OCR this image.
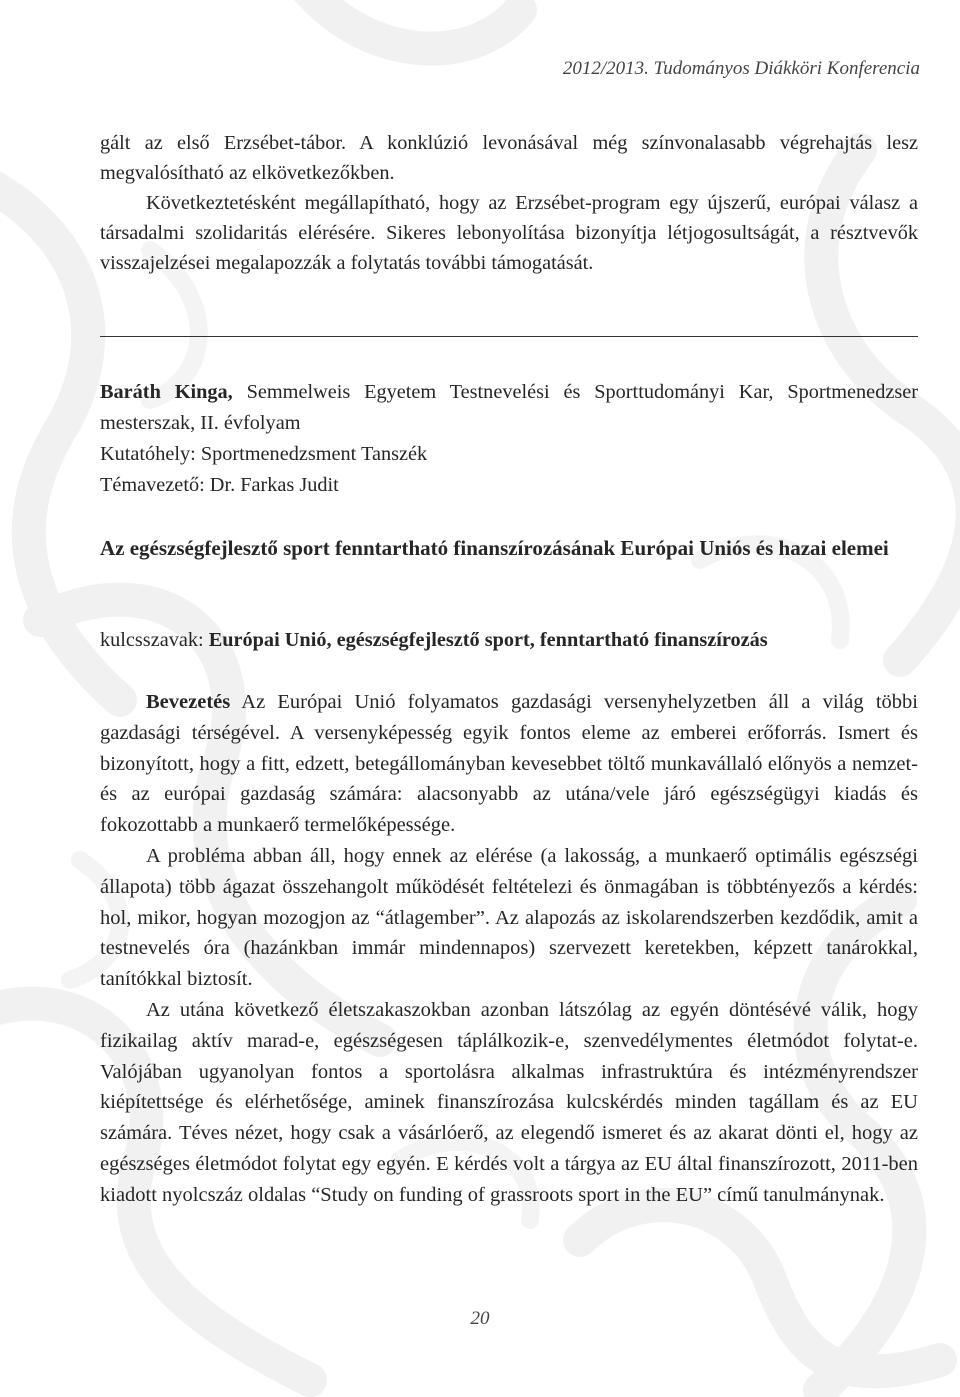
2012/2013. Tudományos Diákköri Konferencia

gált az első Erzsébet-tábor. A konklúzió levonásával még színvonalasabb végrehajtás lesz megvalósítható az elkövetkezőkben.

Következtetésként megállapítható, hogy az Erzsébet-program egy újszerű, európai válasz a társadalmi szolidaritás elérésére. Sikeres lebonyolítása bizonyítja létjogosultságát, a résztvevők visszajelzései megalapozzák a folytatás további támogatását.

Baráth Kinga, Semmelweis Egyetem Testnevelési és Sporttudományi Kar, Sportmenedzser mesterszak, II. évfolyam

Kutatóhely: Sportmenedzsment Tanszék

Témavezető: Dr. Farkas Judit

Az egészségfejlesztő sport fenntartható finanszírozásának Európai Uniós és hazai elemei

kulcsszavak: Európai Unió, egészségfejlesztő sport, fenntartható finanszírozás

Bevezetés Az Európai Unió folyamatos gazdasági versenyhelyzetben áll a világ többi gazdasági térségével. A versenyképesség egyik fontos eleme az emberei erőforrás. Ismert és bizonyított, hogy a fitt, edzett, betegállományban kevesebbet töltő munkavállaló előnyös a nemzet- és az európai gazdaság számára: alacsonyabb az utána/vele járó egészségügyi kiadás és fokozottabb a munkaerő termelőképessége.

A probléma abban áll, hogy ennek az elérése (a lakosság, a munkaerő optimális egészségi állapota) több ágazat összehangolt működését feltételezi és önmagában is többtényezős a kérdés: hol, mikor, hogyan mozogjon az “átlagember”. Az alapozás az iskolarendszerben kezdődik, amit a testnevelés óra (hazánkban immár mindennapos) szervezett keretekben, képzett tanárokkal, tanítókkal biztosít.

Az utána következő életszakaszokban azonban látszólag az egyén döntésévé válik, hogy fizikailag aktív marad-e, egészségesen táplálkozik-e, szenvedélymentes életmódot folytat-e. Valójában ugyanolyan fontos a sportolásra alkalmas infrastruktúra és intézményrendszer kiépítettsége és elérhetősége, aminek finanszírozása kulcskérdés minden tagállam és az EU számára. Téves nézet, hogy csak a vásárlóerő, az elegendő ismeret és az akarat dönti el, hogy az egészséges életmódot folytat egy egyén. E kérdés volt a tárgya az EU által finanszírozott, 2011-ben kiadott nyolcszáz oldalas “Study on funding of grassroots sport in the EU” című tanulmánynak.

20
